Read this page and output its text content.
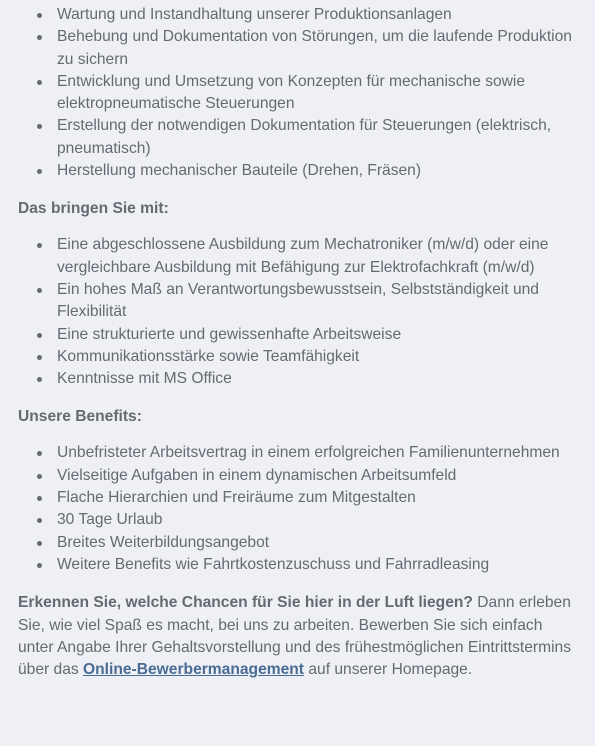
Wartung und Instandhaltung unserer Produktionsanlagen
Behebung und Dokumentation von Störungen, um die laufende Produktion zu sichern
Entwicklung und Umsetzung von Konzepten für mechanische sowie elektropneumatische Steuerungen
Erstellung der notwendigen Dokumentation für Steuerungen (elektrisch, pneumatisch)
Herstellung mechanischer Bauteile (Drehen, Fräsen)
Das bringen Sie mit:
Eine abgeschlossene Ausbildung zum Mechatroniker (m/w/d) oder eine vergleichbare Ausbildung mit Befähigung zur Elektrofachkraft (m/w/d)
Ein hohes Maß an Verantwortungsbewusstsein, Selbstständigkeit und Flexibilität
Eine strukturierte und gewissenhafte Arbeitsweise
Kommunikationsstärke sowie Teamfähigkeit
Kenntnisse mit MS Office
Unsere Benefits:
Unbefristeter Arbeitsvertrag in einem erfolgreichen Familienunternehmen
Vielseitige Aufgaben in einem dynamischen Arbeitsumfeld
Flache Hierarchien und Freiräume zum Mitgestalten
30 Tage Urlaub
Breites Weiterbildungsangebot
Weitere Benefits wie Fahrtkostenzuschuss und Fahrradleasing

Erkennen Sie, welche Chancen für Sie hier in der Luft liegen? Dann erleben Sie, wie viel Spaß es macht, bei uns zu arbeiten. Bewerben Sie sich einfach unter Angabe Ihrer Gehaltsvorstellung und des frühestmöglichen Eintrittstermins über das Online-Bewerbermanagement auf unserer Homepage.
